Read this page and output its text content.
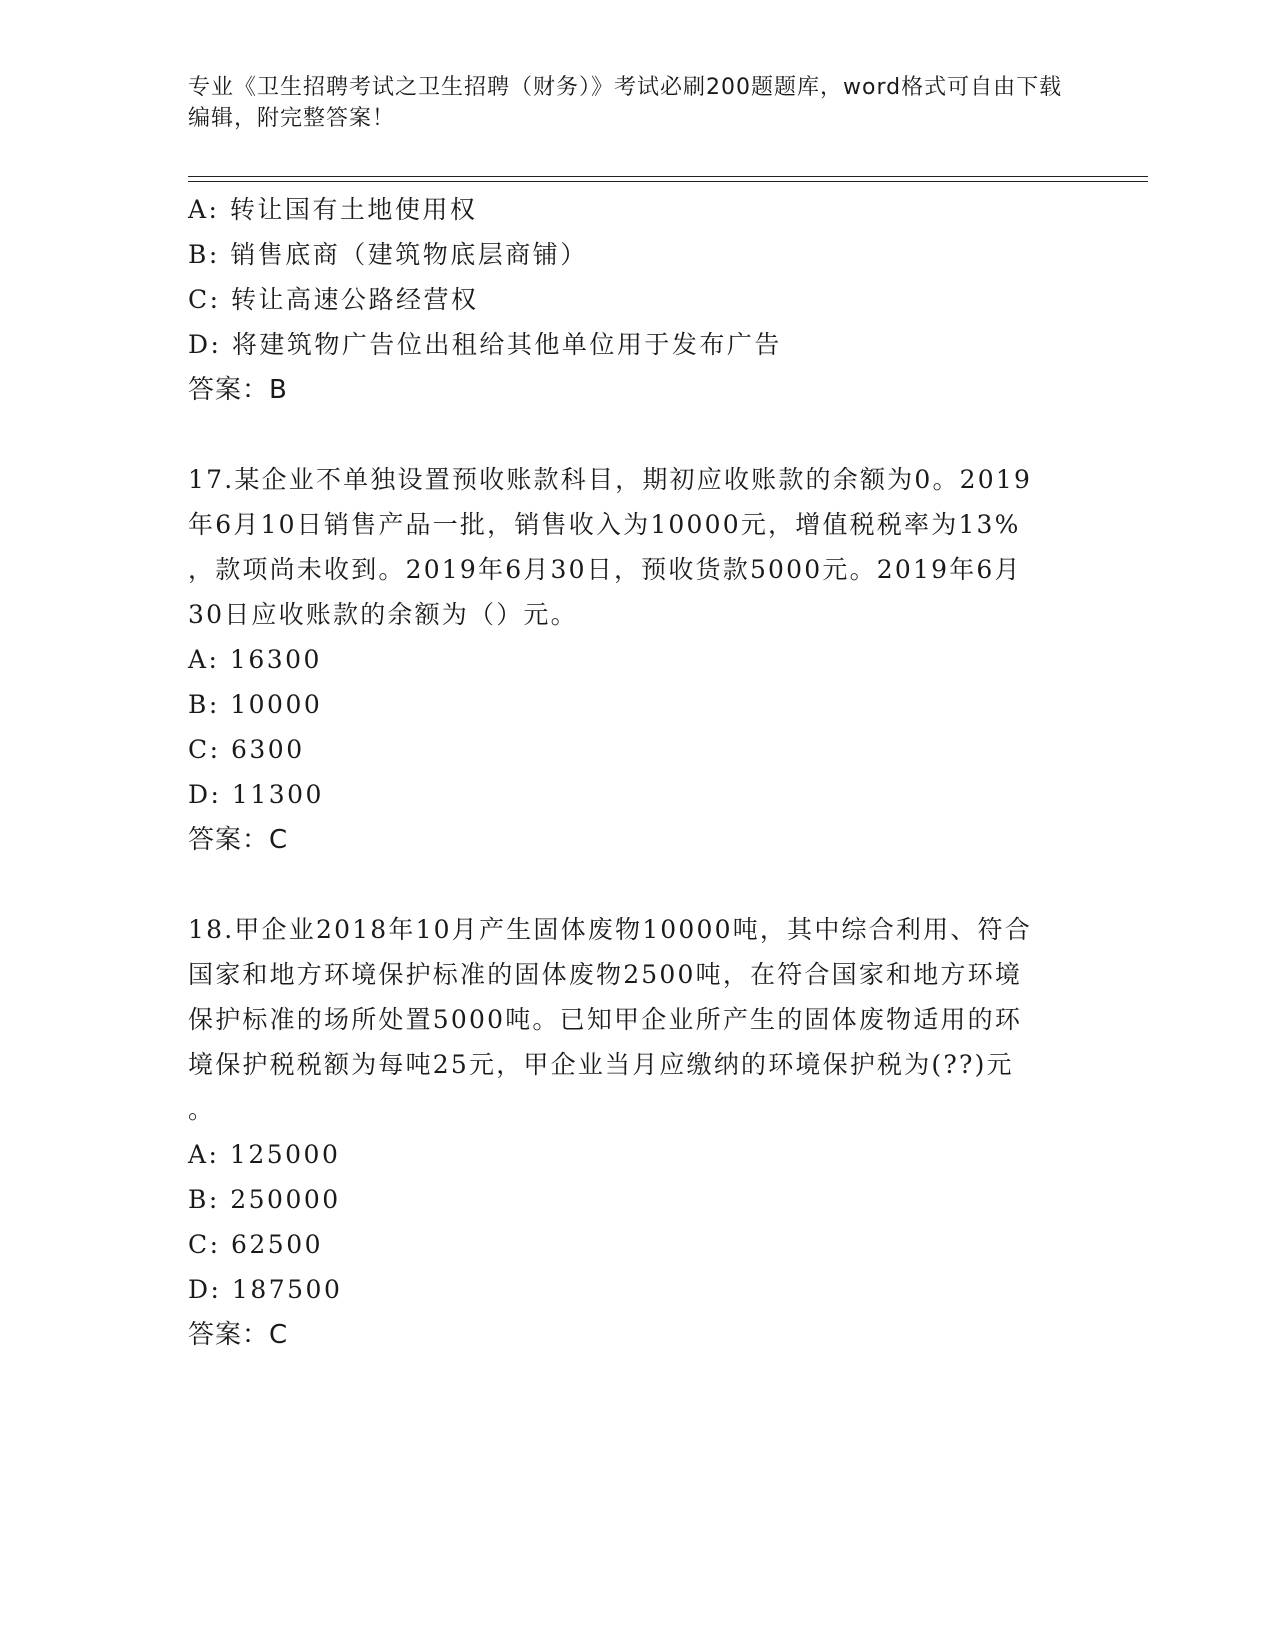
专业《卫生招聘考试之卫生招聘（财务）》考试必刷200题题库，word格式可自由下载编辑，附完整答案！
A: 转让国有土地使用权
B: 销售底商（建筑物底层商铺）
C: 转让高速公路经营权
D: 将建筑物广告位出租给其他单位用于发布广告
答案：B
17.某企业不单独设置预收账款科目，期初应收账款的余额为0。2019
年6月10日销售产品一批，销售收入为10000元，增值税税率为13%
，款项尚未收到。2019年6月30日，预收货款5000元。2019年6月
30日应收账款的余额为（）元。
A: 16300
B: 10000
C: 6300
D: 11300
答案：C
18.甲企业2018年10月产生固体废物10000吨，其中综合利用、符合
国家和地方环境保护标准的固体废物2500吨，在符合国家和地方环境
保护标准的场所处置5000吨。已知甲企业所产生的固体废物适用的环
境保护税税额为每吨25元，甲企业当月应缴纳的环境保护税为(??)元
。
A: 125000
B: 250000
C: 62500
D: 187500
答案：C
